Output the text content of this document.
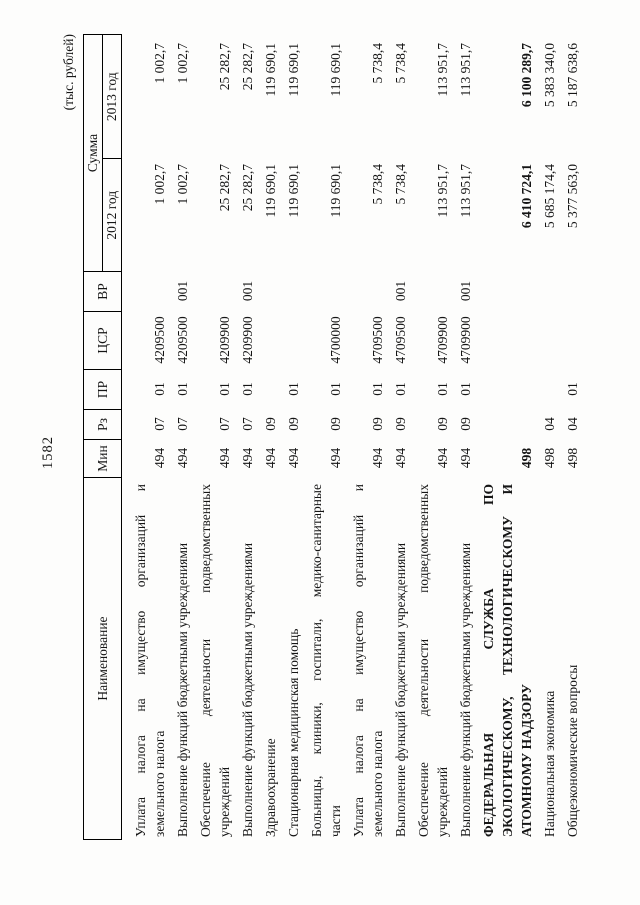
1582
(тыс. рублей)
Наименование
Мин
Рз
ПР
ЦСР
ВР
Сумма
2012 год
2013 год
Уплата налога на имущество организаций и земельного налога
494
07
01
4209500
1 002,7
1 002,7
Выполнение функций бюджетными учреждениями
494
07
01
4209500
001
1 002,7
1 002,7
Обеспечение деятельности подведомственных учреждений
494
07
01
4209900
25 282,7
25 282,7
Выполнение функций бюджетными учреждениями
494
07
01
4209900
001
25 282,7
25 282,7
Здравоохранение
494
09
119 690,1
119 690,1
Стационарная медицинская помощь
494
09
01
119 690,1
119 690,1
Больницы, клиники, госпитали, медико-санитарные части
494
09
01
4700000
119 690,1
119 690,1
Уплата налога на имущество организаций и земельного налога
494
09
01
4709500
5 738,4
5 738,4
Выполнение функций бюджетными учреждениями
494
09
01
4709500
001
5 738,4
5 738,4
Обеспечение деятельности подведомственных учреждений
494
09
01
4709900
113 951,7
113 951,7
Выполнение функций бюджетными учреждениями
494
09
01
4709900
001
113 951,7
113 951,7
ФЕДЕРАЛЬНАЯ СЛУЖБА ПО ЭКОЛОГИЧЕСКОМУ, ТЕХНОЛОГИЧЕСКОМУ И АТОМНОМУ НАДЗОРУ
498
6 410 724,1
6 100 289,7
Национальная экономика
498
04
5 685 174,4
5 383 340,0
Общеэкономические вопросы
498
04
01
5 377 563,0
5 187 638,6
